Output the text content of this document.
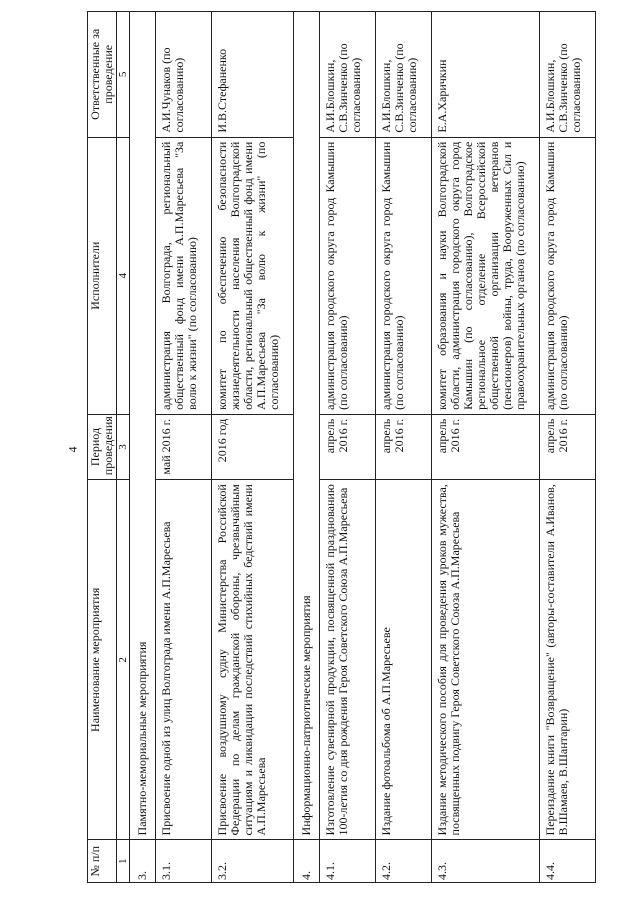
4
№ п/п	Наименование мероприятия	Период проведения	Исполнители	Ответственные за проведение
1	2	3	4	5
3.	Памятно-мемориальные мероприятия			
3.1.	Присвоение одной из улиц Волгограда имени А.П.Маресьева	май 2016 г.	администрация Волгограда, региональный общественный фонд имени А.П.Маресьева "За волю к жизни" (по согласованию)	А.И.Чунаков (по согласованию)
3.2.	Присвоение воздушному судну Министерства Российской Федерации по делам гражданской обороны, чрезвычайным ситуациям и ликвидации последствий стихийных бедствий имени А.П.Маресьева	2016 год	комитет по обеспечению безопасности жизнедеятельности населения Волгоградской области, региональный общественный фонд имени А.П.Маресьева "За волю к жизни" (по согласованию)	И.В.Стефаненко
4.	Информационно-патриотические мероприятия			
4.1.	Изготовление сувенирной продукции, посвященной празднованию 100-летия со дня рождения Героя Советского Союза А.П.Маресьева	апрель 2016 г.	администрация городского округа город Камышин (по согласованию)	А.И.Блошкин, С.В.Зинченко (по согласованию)
4.2.	Издание фотоальбома об А.П.Маресьеве	апрель 2016 г.	администрация городского округа город Камышин (по согласованию)	А.И.Блошкин, С.В.Зинченко (по согласованию)
4.3.	Издание методического пособия для проведения уроков мужества, посвященных подвигу Героя Советского Союза А.П.Маресьева	апрель 2016 г.	комитет образования и науки Волгоградской области, администрация городского округа город Камышин (по согласованию), Волгоградское региональное отделение Всероссийской общественной организации ветеранов (пенсионеров) войны, труда, Вооруженных Сил и правоохранительных органов (по согласованию)	Е.А.Харичкин
4.4.	Переиздание книги "Возвращение" (авторы-составители А.Иванов, В.Шамаев, В.Шантарин)	апрель 2016 г.	администрация городского округа город Камышин (по согласованию)	А.И.Блошкин, С.В.Зинченко (по согласованию)
